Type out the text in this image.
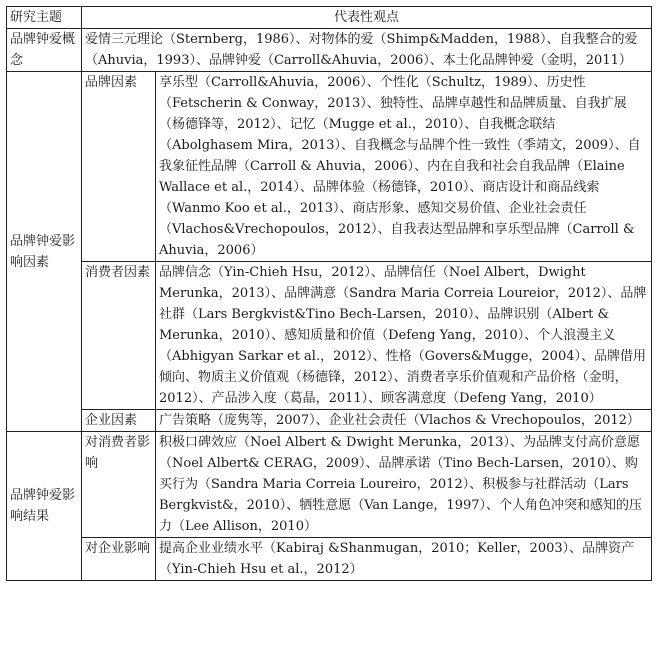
研究主题	代表性观点	
品牌钟爱概念	爱情三元理论（Sternberg，1986）、对物体的爱（Shimp&Madden，1988）、自我整合的爱（Ahuvia，1993）、品牌钟爱（Carroll&Ahuvia，2006）、本土化品牌钟爱（金明，2011）	
品牌钟爱影响因素	品牌因素	享乐型（Carroll&Ahuvia，2006）、个性化（Schultz，1989）、历史性（Fetscherin & Conway，2013）、独特性、品牌卓越性和品牌质量、自我扩展（杨德锋等，2012）、记忆（Mugge et al.，2010）、自我概念联结（Abolghasem Mira，2013）、自我概念与品牌个性一致性（季靖文，2009）、自我象征性品牌（Carroll & Ahuvia，2006）、内在自我和社会自我品牌（Elaine Wallace et al.，2014）、品牌体验（杨德锋，2010）、商店设计和商品线索（Wanmo Koo et al.，2013）、商店形象、感知交易价值、企业社会责任（Vlachos&Vrechopoulos，2012）、自我表达型品牌和享乐型品牌（Carroll & Ahuvia，2006）
	消费者因素	品牌信念（Yin-Chieh Hsu，2012）、品牌信任（Noel Albert，Dwight Merunka，2013）、品牌满意（Sandra Maria Correia Loureior，2012）、品牌社群（Lars Bergkvist&Tino Bech-Larsen，2010）、品牌识别（Albert & Merunka，2010）、感知质量和价值（Defeng Yang，2010）、个人浪漫主义（Abhigyan Sarkar et al.，2012）、性格（Govers&Mugge，2004）、品牌借用倾向、物质主义价值观（杨德锋，2012）、消费者享乐价值观和产品价格（金明，2012）、产品涉入度（葛晶，2011）、顾客满意度（Defeng Yang，2010）
	企业因素	广告策略（庞隽等，2007）、企业社会责任（Vlachos & Vrechopoulos，2012）
品牌钟爱影响结果	对消费者影响	积极口碑效应（Noel Albert & Dwight Merunka，2013）、为品牌支付高价意愿（Noel Albert& CERAG，2009）、品牌承诺（Tino Bech-Larsen，2010）、购买行为（Sandra Maria Correia Loureiro，2012）、积极参与社群活动（Lars Bergkvist&，2010）、牺牲意愿（Van Lange，1997）、个人角色冲突和感知的压力（Lee Allison，2010）
	对企业影响	提高企业业绩水平（Kabiraj &Shanmugan，2010；Keller，2003）、品牌资产（Yin-Chieh Hsu et al.，2012）
